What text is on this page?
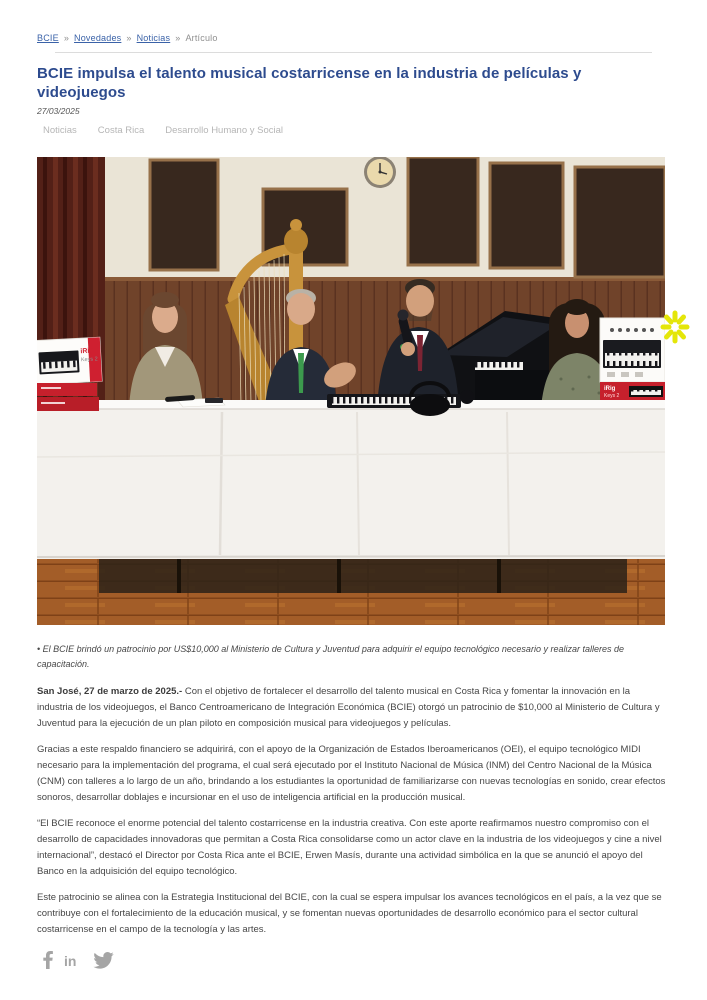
BCIE » Novedades » Noticias » Artículo
BCIE impulsa el talento musical costarricense en la industria de películas y videojuegos
27/03/2025
Noticias Costa Rica Desarrollo Humano y Social
iRig
Keys 2
iRig
Keys 2
• El BCIE brindó un patrocinio por US$10,000 al Ministerio de Cultura y Juventud para adquirir el equipo tecnológico necesario y realizar talleres de capacitación.

San José, 27 de marzo de 2025.- Con el objetivo de fortalecer el desarrollo del talento musical en Costa Rica y fomentar la innovación en la industria de los videojuegos, el Banco Centroamericano de Integración Económica (BCIE) otorgó un patrocinio de $10,000 al Ministerio de Cultura y Juventud para la ejecución de un plan piloto en composición musical para videojuegos y películas.

Gracias a este respaldo financiero se adquirirá, con el apoyo de la Organización de Estados Iberoamericanos (OEI), el equipo tecnológico MIDI necesario para la implementación del programa, el cual será ejecutado por el Instituto Nacional de Música (INM) del Centro Nacional de la Música (CNM) con talleres a lo largo de un año, brindando a los estudiantes la oportunidad de familiarizarse con nuevas tecnologías en sonido, crear efectos sonoros, desarrollar doblajes e incursionar en el uso de inteligencia artificial en la producción musical.

“El BCIE reconoce el enorme potencial del talento costarricense en la industria creativa. Con este aporte reafirmamos nuestro compromiso con el desarrollo de capacidades innovadoras que permitan a Costa Rica consolidarse como un actor clave en la industria de los videojuegos y cine a nivel internacional”, destacó el Director por Costa Rica ante el BCIE, Erwen Masís, durante una actividad simbólica en la que se anunció el apoyo del Banco en la adquisición del equipo tecnológico.

Este patrocinio se alinea con la Estrategia Institucional del BCIE, con la cual se espera impulsar los avances tecnológicos en el país, a la vez que se contribuye con el fortalecimiento de la educación musical, y se fomentan nuevas oportunidades de desarrollo económico para el sector cultural costarricense en el campo de la tecnología y las artes.

in
